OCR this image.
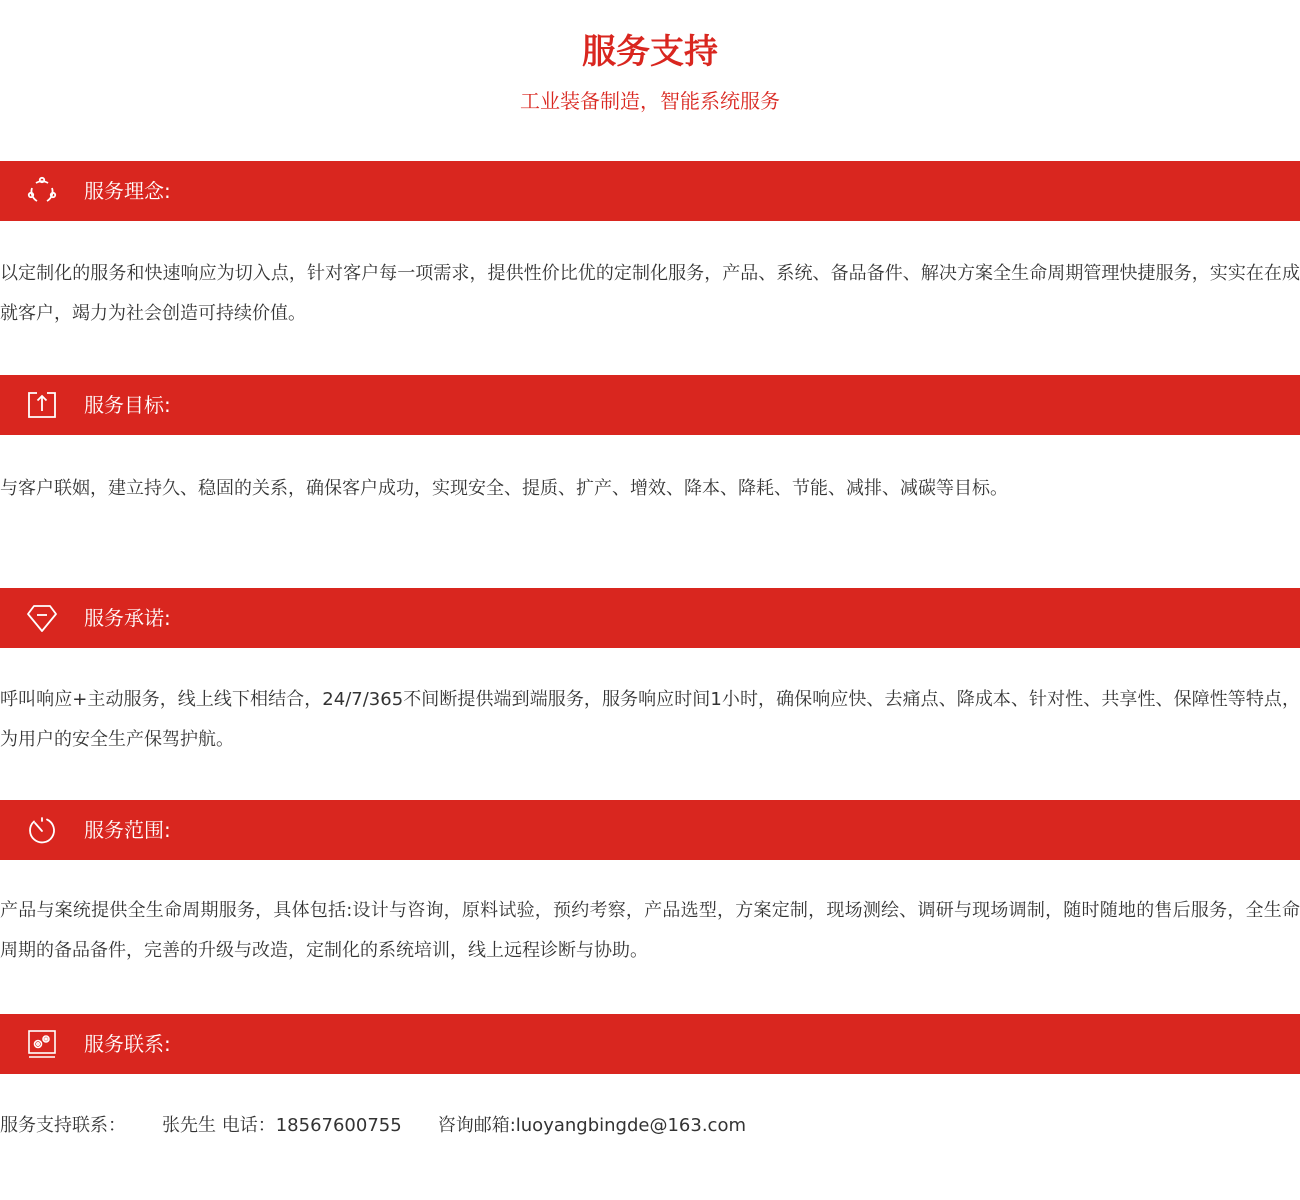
服务支持
工业装备制造，智能系统服务
服务理念:
以定制化的服务和快速响应为切入点，针对客户每一项需求，提供性价比优的定制化服务，产品、系统、备品备件、解决方案全生命周期管理快捷服务，实实在在成就客户，竭力为社会创造可持续价值。
服务目标:
与客户联姻，建立持久、稳固的关系，确保客户成功，实现安全、提质、扩产、增效、降本、降耗、节能、减排、减碳等目标。
服务承诺:
呼叫响应+主动服务，线上线下相结合，24/7/365不间断提供端到端服务，服务响应时间1小时，确保响应快、去痛点、降成本、针对性、共享性、保障性等特点，为用户的安全生产保驾护航。
服务范围:
产品与案统提供全生命周期服务，具体包括:设计与咨询，原料试验，预约考察，产品选型，方案定制，现场测绘、调研与现场调制，随时随地的售后服务，全生命周期的备品备件，完善的升级与改造，定制化的系统培训，线上远程诊断与协助。
服务联系:
服务支持联系： 张先生 电话：18567600755 咨询邮箱:luoyangbingde@163.com
